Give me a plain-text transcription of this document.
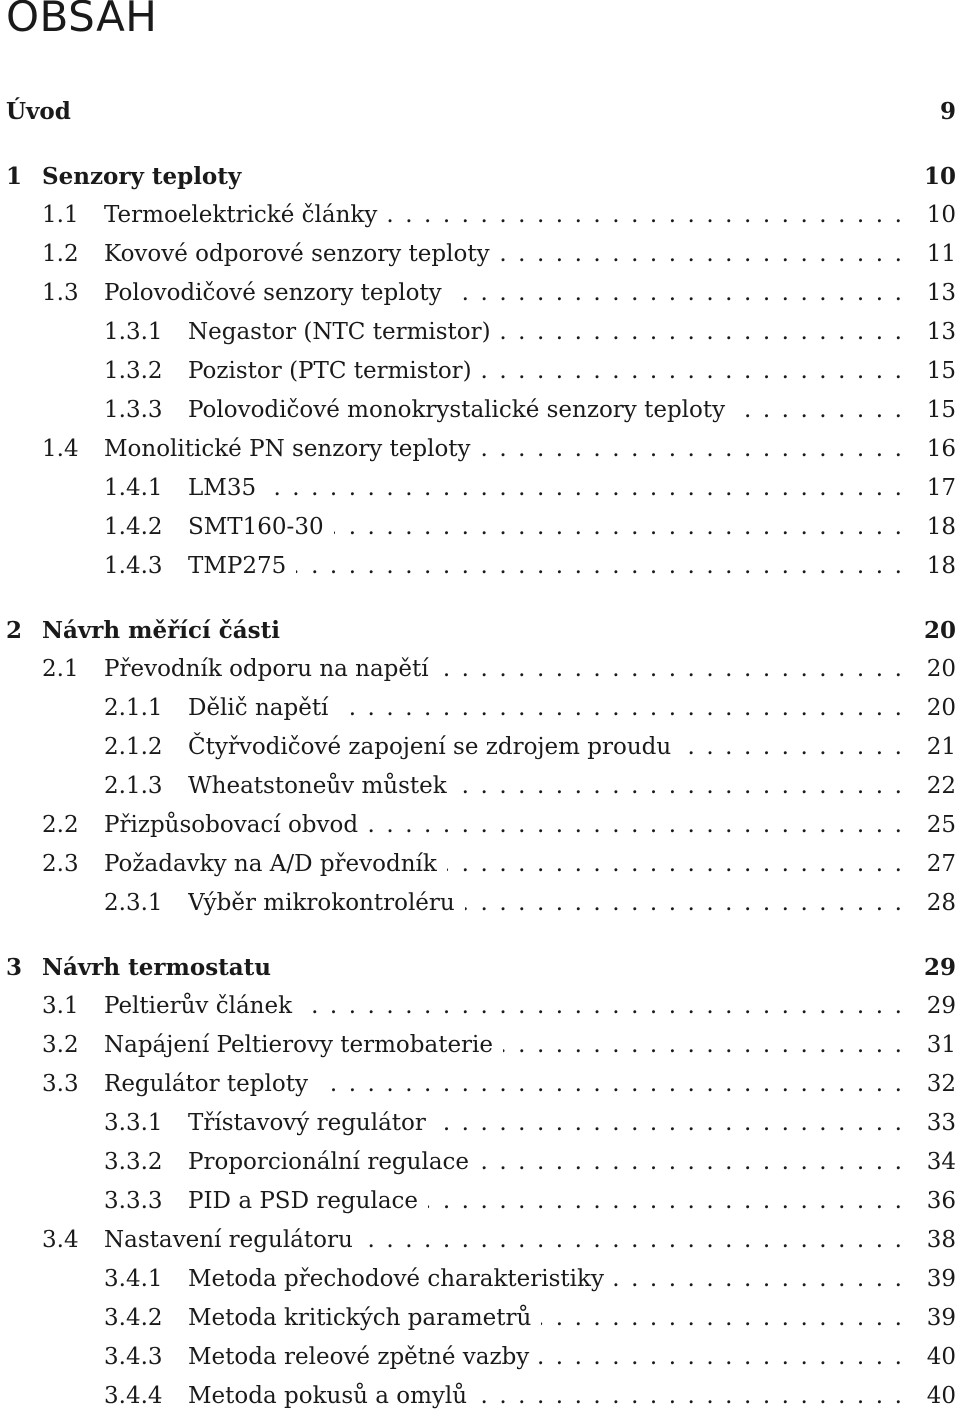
OBSAH
Úvod	9
1 Senzory teploty	10
1.1 Termoelektrické články . . .	10
1.2 Kovové odporové senzory teploty . . .	11
1.3 Polovodičové senzory teploty . . .	13
1.3.1 Negastor (NTC termistor) . . .	13
1.3.2 Pozistor (PTC termistor) . . .	15
1.3.3 Polovodičové monokrystalické senzory teploty . . .	15
1.4 Monolitické PN senzory teploty . . .	16
1.4.1 LM35 . . .	17
1.4.2 SMT160-30 . . .	18
1.4.3 TMP275 . . .	18
2 Návrh měřící části	20
2.1 Převodník odporu na napětí . . .	20
2.1.1 Dělič napětí . . .	20
2.1.2 Čtyřvodičové zapojení se zdrojem proudu . . .	21
2.1.3 Wheatstoneův můstek . . .	22
2.2 Přizpůsobovací obvod . . .	25
2.3 Požadavky na A/D převodník . . .	27
2.3.1 Výběr mikrokontroléru . . .	28
3 Návrh termostatu	29
3.1 Peltierův článek . . .	29
3.2 Napájení Peltierovy termobaterie . . .	31
3.3 Regulátor teploty . . .	32
3.3.1 Třístavový regulátor . . .	33
3.3.2 Proporcionální regulace . . .	34
3.3.3 PID a PSD regulace . . .	36
3.4 Nastavení regulátoru . . .	38
3.4.1 Metoda přechodové charakteristiky . . .	39
3.4.2 Metoda kritických parametrů . . .	39
3.4.3 Metoda releové zpětné vazby . . .	40
3.4.4 Metoda pokusů a omylů . . .	40
